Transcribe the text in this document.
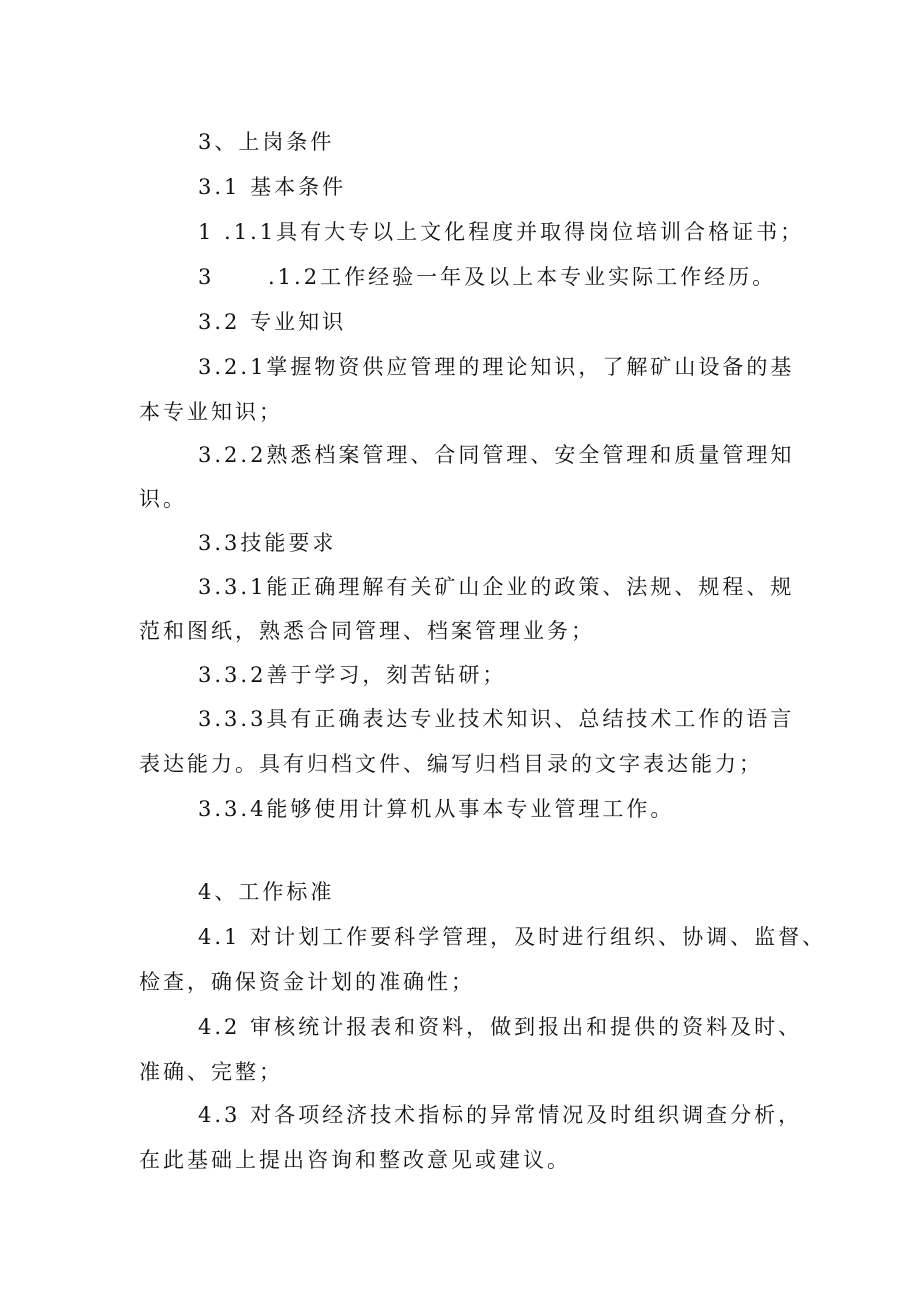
3、上岗条件
3.1 基本条件
1 .1.1具有大专以上文化程度并取得岗位培训合格证书；
3	.1.2工作经验一年及以上本专业实际工作经历。
3.2 专业知识
3.2.1掌握物资供应管理的理论知识，了解矿山设备的基
本专业知识；
3.2.2熟悉档案管理、合同管理、安全管理和质量管理知
识。
3.3技能要求
3.3.1能正确理解有关矿山企业的政策、法规、规程、规
范和图纸，熟悉合同管理、档案管理业务；
3.3.2善于学习，刻苦钻研；
3.3.3具有正确表达专业技术知识、总结技术工作的语言
表达能力。具有归档文件、编写归档目录的文字表达能力；
3.3.4能够使用计算机从事本专业管理工作。
4、工作标准
4.1 对计划工作要科学管理，及时进行组织、协调、监督、
检查，确保资金计划的准确性；
4.2 审核统计报表和资料，做到报出和提供的资料及时、
准确、完整；
4.3 对各项经济技术指标的异常情况及时组织调查分析，
在此基础上提出咨询和整改意见或建议。
